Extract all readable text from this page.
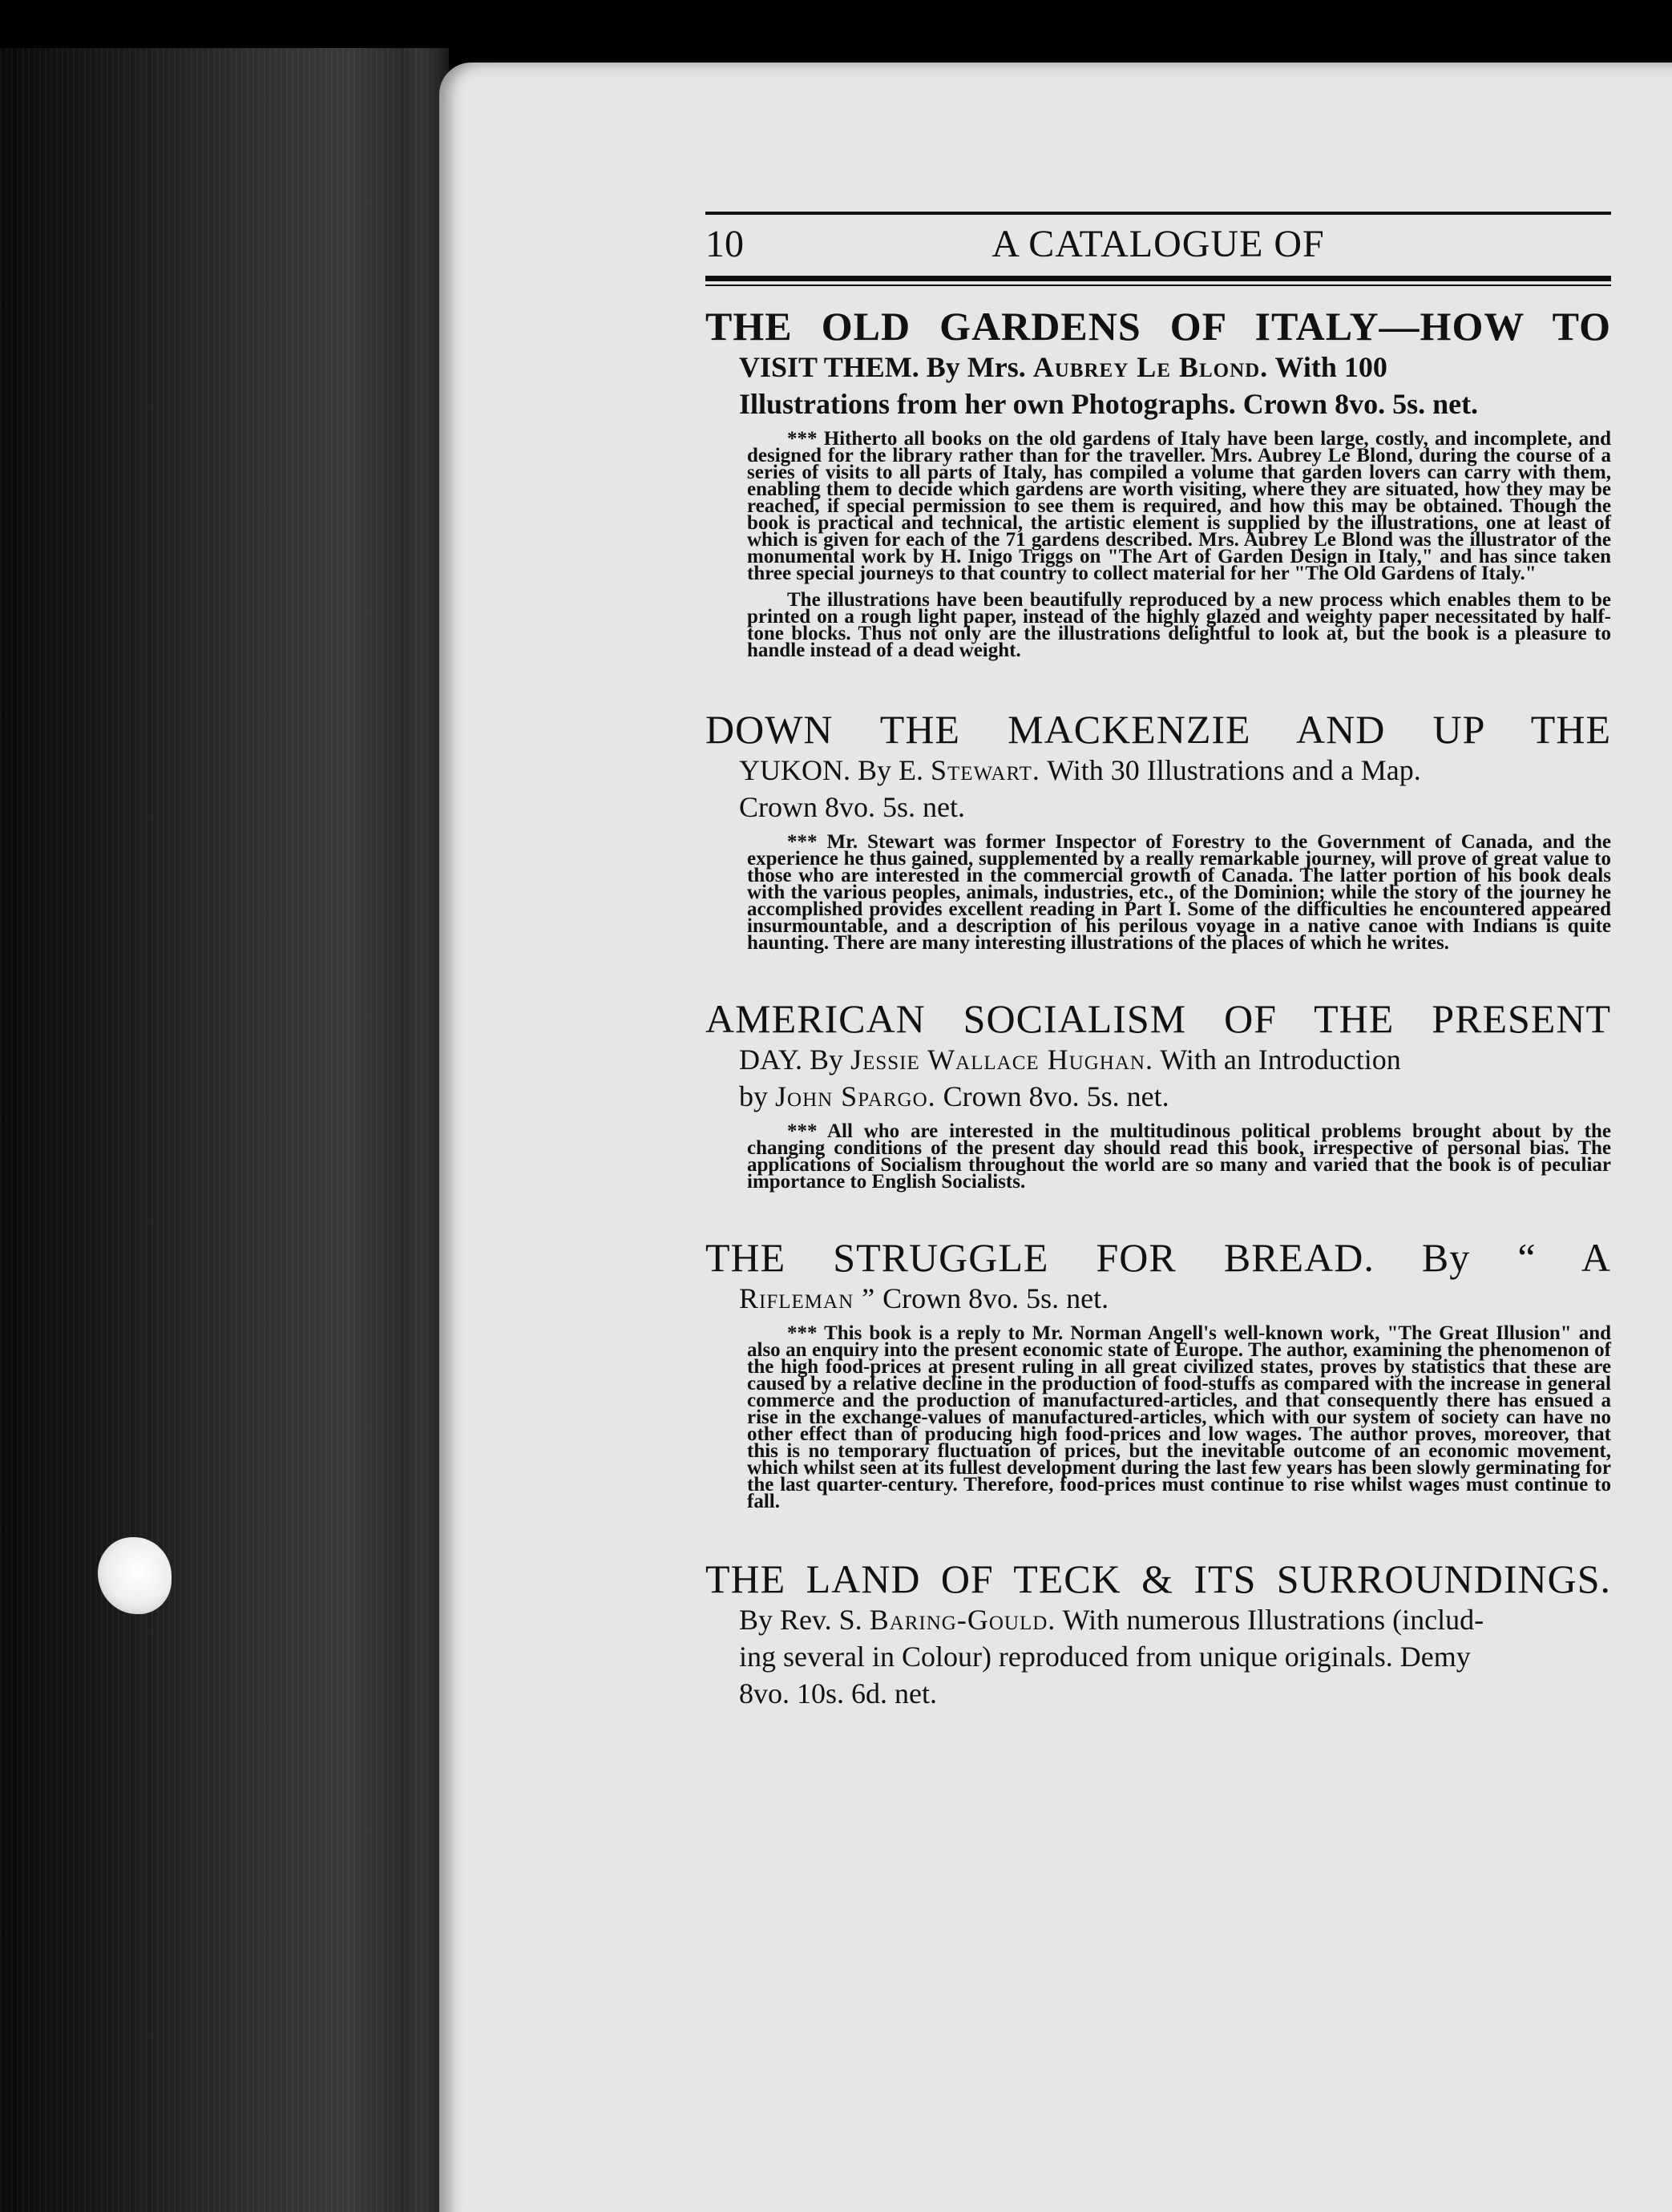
10	A CATALOGUE OF
THE OLD GARDENS OF ITALY—HOW TO
VISIT THEM. By Mrs. Aubrey Le Blond. With 100
Illustrations from her own Photographs. Crown 8vo. 5s. net.

*** Hitherto all books on the old gardens of Italy have been large, costly, and incomplete, and designed for the library rather than for the traveller. Mrs. Aubrey Le Blond, during the course of a series of visits to all parts of Italy, has compiled a volume that garden lovers can carry with them, enabling them to decide which gardens are worth visiting, where they are situated, how they may be reached, if special permission to see them is required, and how this may be obtained. Though the book is practical and technical, the artistic element is supplied by the illustrations, one at least of which is given for each of the 71 gardens described. Mrs. Aubrey Le Blond was the illustrator of the monumental work by H. Inigo Triggs on "The Art of Garden Design in Italy," and has since taken three special journeys to that country to collect material for her "The Old Gardens of Italy."

The illustrations have been beautifully reproduced by a new process which enables them to be printed on a rough light paper, instead of the highly glazed and weighty paper necessitated by half-tone blocks. Thus not only are the illustrations delightful to look at, but the book is a pleasure to handle instead of a dead weight.

DOWN THE MACKENZIE AND UP THE
YUKON. By E. Stewart. With 30 Illustrations and a Map.
Crown 8vo. 5s. net.

*** Mr. Stewart was former Inspector of Forestry to the Government of Canada, and the experience he thus gained, supplemented by a really remarkable journey, will prove of great value to those who are interested in the commercial growth of Canada. The latter portion of his book deals with the various peoples, animals, industries, etc., of the Dominion; while the story of the journey he accomplished provides excellent reading in Part I. Some of the difficulties he encountered appeared insurmountable, and a description of his perilous voyage in a native canoe with Indians is quite haunting. There are many interesting illustrations of the places of which he writes.

AMERICAN SOCIALISM OF THE PRESENT
DAY. By Jessie Wallace Hughan. With an Introduction
by John Spargo. Crown 8vo. 5s. net.

*** All who are interested in the multitudinous political problems brought about by the changing conditions of the present day should read this book, irrespective of personal bias. The applications of Socialism throughout the world are so many and varied that the book is of peculiar importance to English Socialists.

THE STRUGGLE FOR BREAD. By “ A
Rifleman ” Crown 8vo. 5s. net.

*** This book is a reply to Mr. Norman Angell's well-known work, "The Great Illusion" and also an enquiry into the present economic state of Europe. The author, examining the phenomenon of the high food-prices at present ruling in all great civilized states, proves by statistics that these are caused by a relative decline in the production of food-stuffs as compared with the increase in general commerce and the production of manufactured-articles, and that consequently there has ensued a rise in the exchange-values of manufactured-articles, which with our system of society can have no other effect than of producing high food-prices and low wages. The author proves, moreover, that this is no temporary fluctuation of prices, but the inevitable outcome of an economic movement, which whilst seen at its fullest development during the last few years has been slowly germinating for the last quarter-century. Therefore, food-prices must continue to rise whilst wages must continue to fall.

THE LAND OF TECK & ITS SURROUNDINGS.
By Rev. S. Baring-Gould. With numerous Illustrations (includ-
ing several in Colour) reproduced from unique originals. Demy
8vo. 10s. 6d. net.
